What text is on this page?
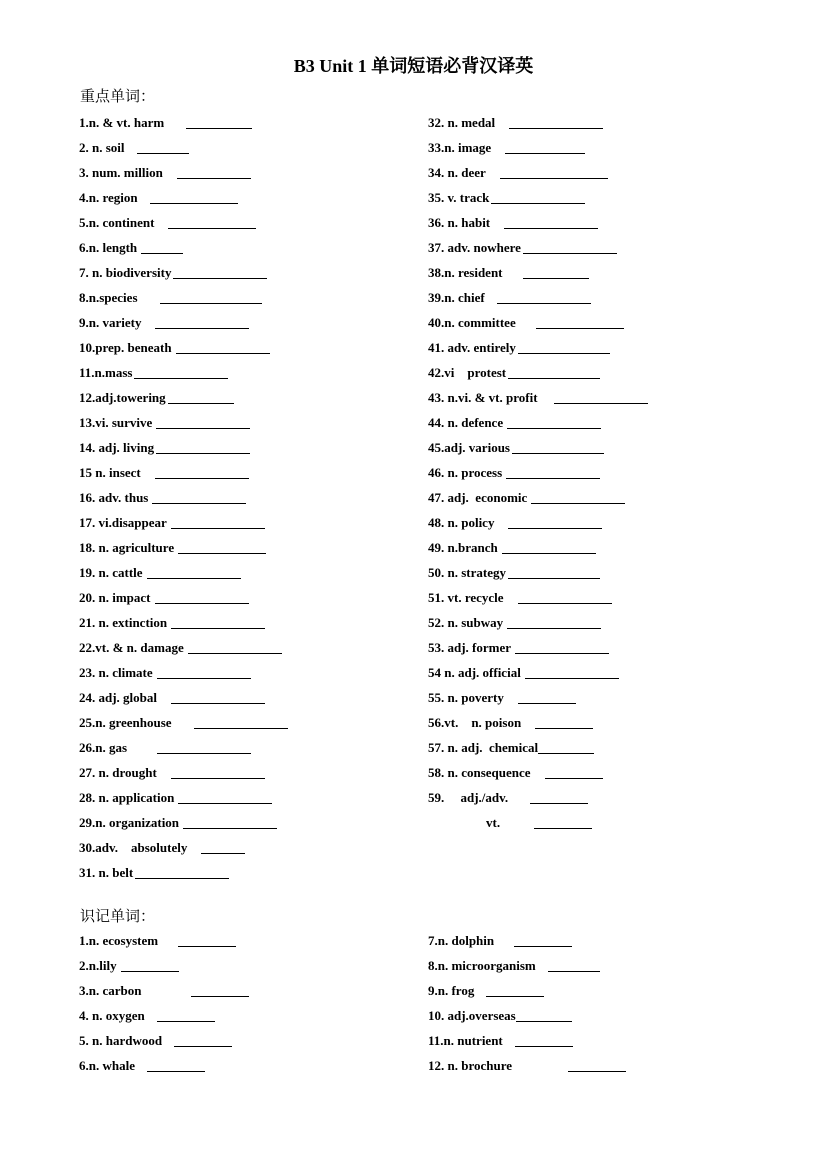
B3 Unit 1 单词短语必背汉译英
重点单词：
1.n. & vt. harm
2. n. soil
3. num. million
4.n. region
5.n. continent
6.n. length
7. n. biodiversity
8.n.species
9.n. variety
10.prep. beneath
11.n.mass
12.adj.towering
13.vi. survive
14. adj. living
15 n. insect
16. adv. thus
17. vi.disappear
18. n. agriculture
19. n. cattle
20. n. impact
21. n. extinction
22.vt. & n. damage
23. n. climate
24. adj. global
25.n. greenhouse
26.n. gas
27. n. drought
28. n. application
29.n. organization
30.adv.    absolutely
31. n. belt
32. n. medal
33.n. image
34. n. deer
35. v. track
36. n. habit
37. adv. nowhere
38.n. resident
39.n. chief
40.n. committee
41. adv. entirely
42.vi    protest
43. n.vi. & vt. profit
44. n. defence
45.adj. various
46. n. process
47. adj.  economic
48. n. policy
49. n.branch
50. n. strategy
51. vt. recycle
52. n. subway
53. adj. former
54 n. adj. official
55. n. poverty
56.vt.    n. poison
57. n. adj.  chemical
58. n. consequence
59.     adj./adv.
vt.
识记单词：
1.n. ecosystem
2.n.lily
3.n. carbon
4. n. oxygen
5. n. hardwood
6.n. whale
7.n. dolphin
8.n. microorganism
9.n. frog
10. adj.overseas
11.n. nutrient
12. n. brochure
